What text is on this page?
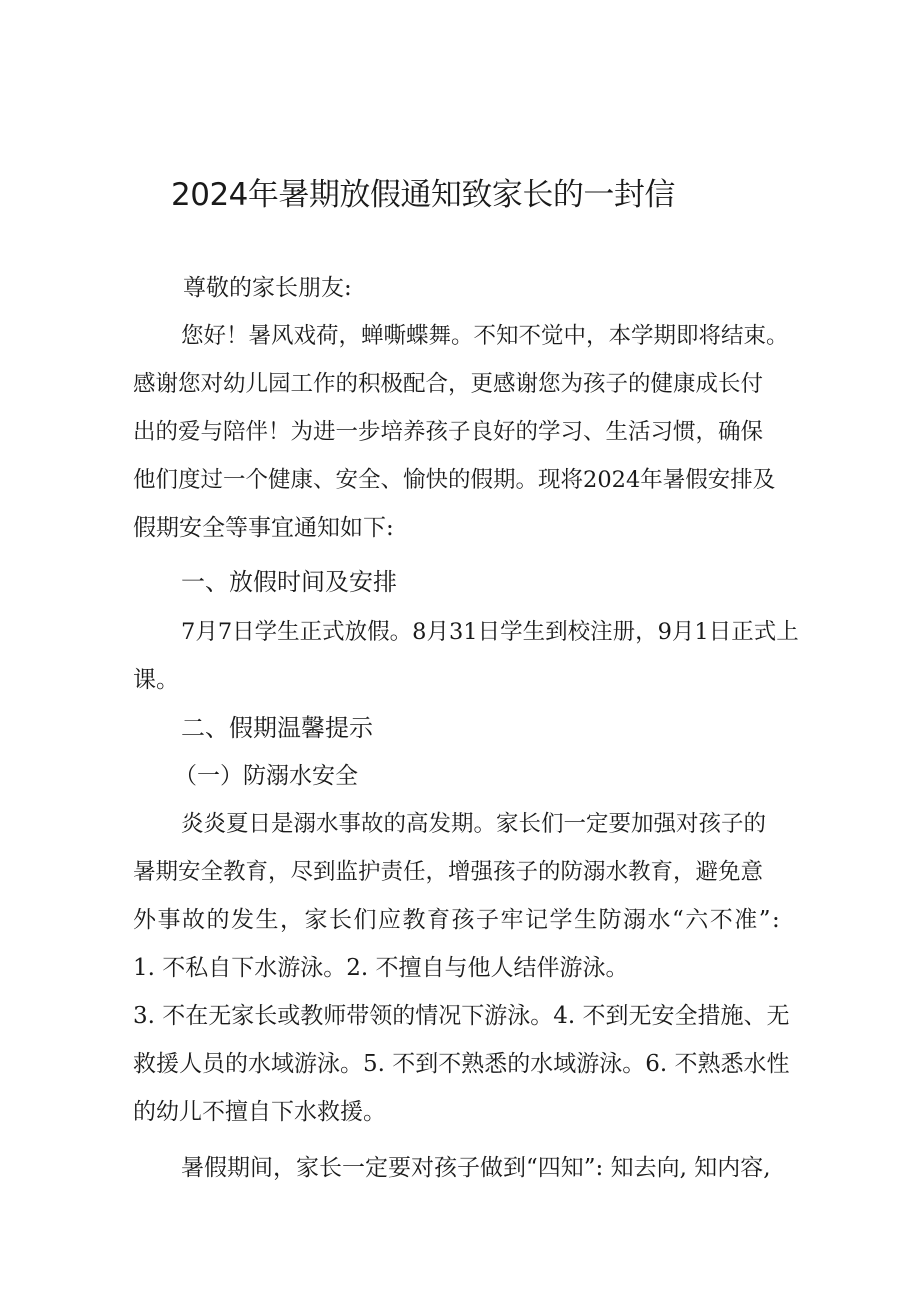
2024年暑期放假通知致家长的一封信
尊敬的家长朋友:
您好！暑风戏荷，蝉嘶蝶舞。不知不觉中，本学期即将结束。
感谢您对幼儿园工作的积极配合，更感谢您为孩子的健康成长付
出的爱与陪伴！为进一步培养孩子良好的学习、生活习惯，确保
他们度过一个健康、安全、愉快的假期。现将2024年暑假安排及
假期安全等事宜通知如下:
一、放假时间及安排
7月7日学生正式放假。8月31日学生到校注册，9月1日正式上
课。
二、假期温馨提示
（一）防溺水安全
炎炎夏日是溺水事故的高发期。家长们一定要加强对孩子的
暑期安全教育，尽到监护责任，增强孩子的防溺水教育，避免意
外事故的发生，家长们应教育孩子牢记学生防溺水“六不准”:
1. 不私自下水游泳。2. 不擅自与他人结伴游泳。
3. 不在无家长或教师带领的情况下游泳。4. 不到无安全措施、无
救援人员的水域游泳。5. 不到不熟悉的水域游泳。6. 不熟悉水性
的幼儿不擅自下水救援。
暑假期间，家长一定要对孩子做到“四知”: 知去向, 知内容,
